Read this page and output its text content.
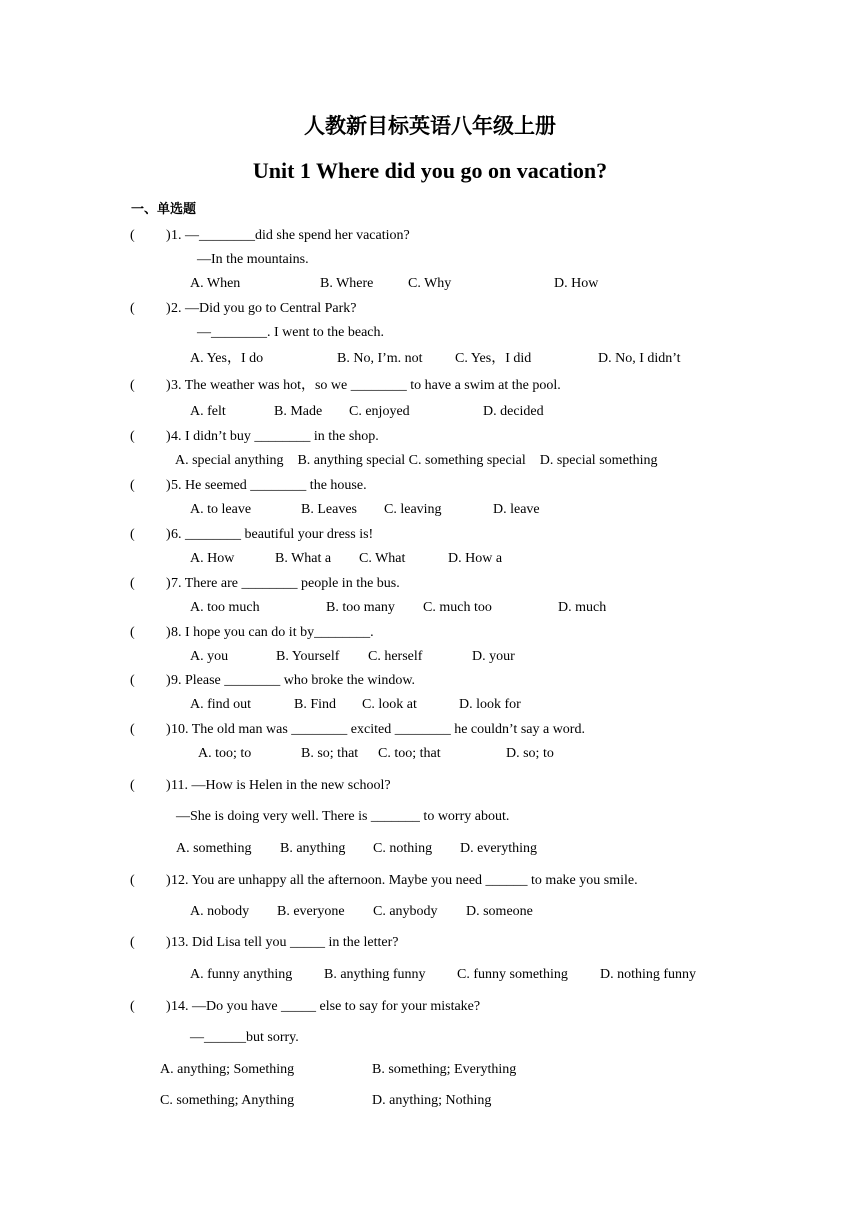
人教新目标英语八年级上册
Unit 1 Where did you go on vacation?
一、单选题
( ) 1. —________did she spend her vacation?
—In the mountains.
A. When	B. Where C. Why	D. How
( ) 2. —Did you go to Central Park?
—________. I went to the beach.
A. Yes，I do	B. No, I’m. not C. Yes，I did	D. No, I didn’t
( ) 3. The weather was hot，so we ________ to have a swim at the pool.
A. felt	B. Made C. enjoyed	D. decided
( ) 4. I didn’t buy ________ in the shop.
A. special anything    B. anything special C. something special    D. special something
( ) 5. He seemed ________ the house.
A. to leave	B. Leaves C. leaving	D. leave
( ) 6. ________ beautiful your dress is!
A. How	B. What a C. What	D. How a
( ) 7. There are ________ people in the bus.
A. too much	B. too many C. much too	D. much
( ) 8. I hope you can do it by________.
A. you	B. Yourself C. herself	D. your
( ) 9. Please ________ who broke the window.
A. find out	B. Find C. look at	D. look for
( ) 10. The old man was ________ excited ________ he couldn’t say a word.
A. too; to	B. so; that C. too; that	D. so; to
( ) 11. —How is Helen in the new school?
—She is doing very well. There is _______ to worry about.
A. something B. anything C. nothing D. everything
( ) 12. You are unhappy all the afternoon. Maybe you need ______ to make you smile.
A. nobody B. everyone C. anybody D. someone
( ) 13. Did Lisa tell you _____ in the letter?
A. funny anything B. anything funny C. funny something D. nothing funny
( ) 14. —Do you have _____ else to say for your mistake?
—______but sorry.
A. anything; Something	B. something; Everything
C. something; Anything	D. anything; Nothing
